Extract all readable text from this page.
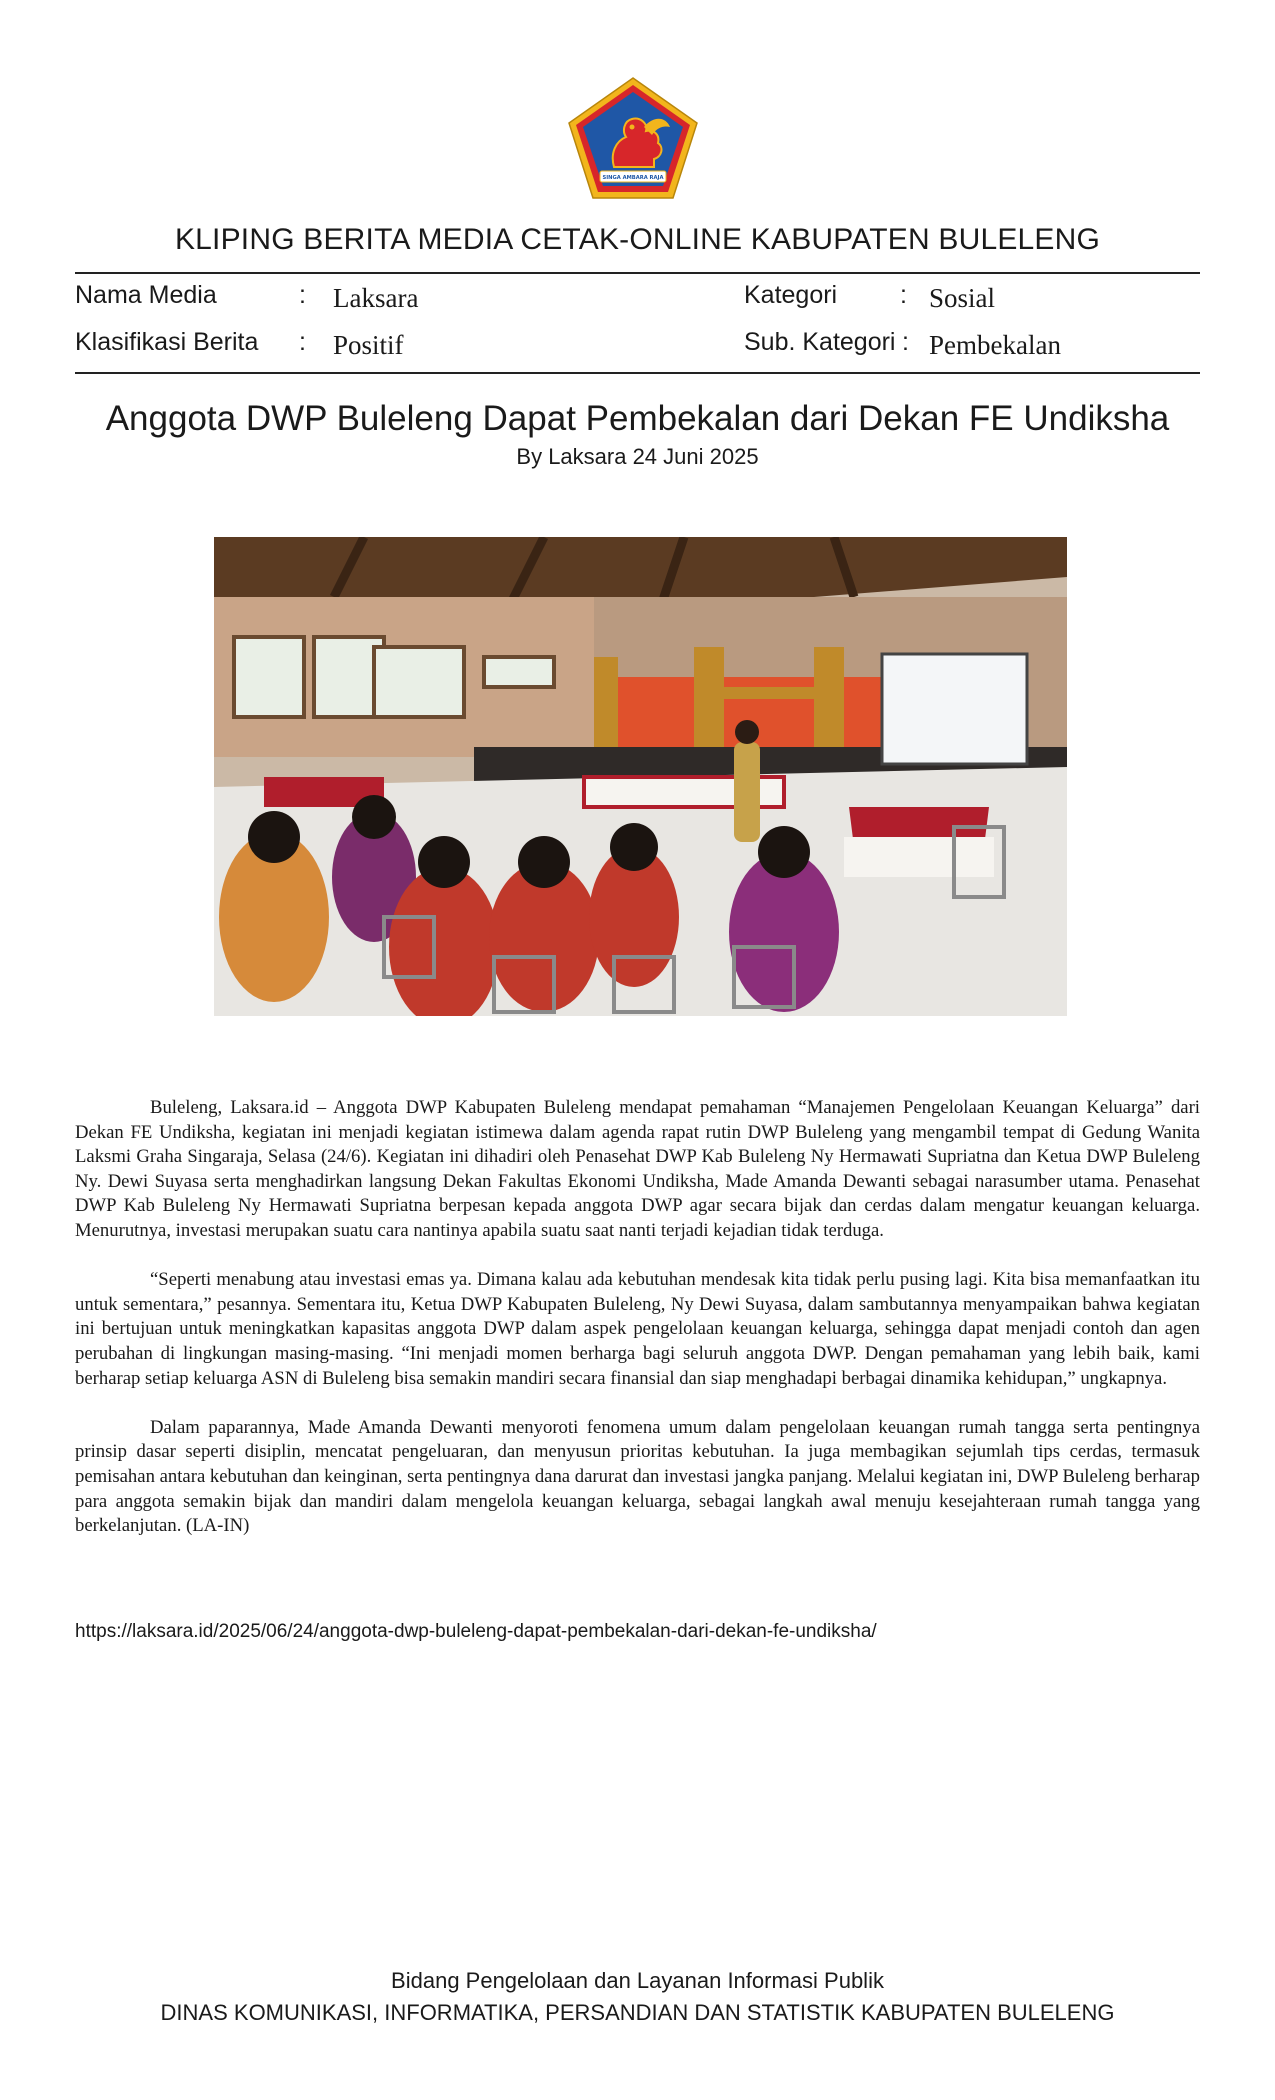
SINGA AMBARA RAJA
KLIPING BERITA MEDIA CETAK-ONLINE KABUPATEN BULELENG
Nama Media	: Laksara	Kategori	: Sosial
Klasifikasi Berita : Positif	Sub. Kategori : Pembekalan
Anggota DWP Buleleng Dapat Pembekalan dari Dekan FE Undiksha
By Laksara 24 Juni 2025

Buleleng, Laksara.id – Anggota DWP Kabupaten Buleleng mendapat pemahaman “Manajemen Pengelolaan Keuangan Keluarga” dari Dekan FE Undiksha, kegiatan ini menjadi kegiatan istimewa dalam agenda rapat rutin DWP Buleleng yang mengambil tempat di Gedung Wanita Laksmi Graha Singaraja, Selasa (24/6). Kegiatan ini dihadiri oleh Penasehat DWP Kab Buleleng Ny Hermawati Supriatna dan Ketua DWP Buleleng Ny. Dewi Suyasa serta menghadirkan langsung Dekan Fakultas Ekonomi Undiksha, Made Amanda Dewanti sebagai narasumber utama. Penasehat DWP Kab Buleleng Ny Hermawati Supriatna berpesan kepada anggota DWP agar secara bijak dan cerdas dalam mengatur keuangan keluarga. Menurutnya, investasi merupakan suatu cara nantinya apabila suatu saat nanti terjadi kejadian tidak terduga.

“Seperti menabung atau investasi emas ya. Dimana kalau ada kebutuhan mendesak kita tidak perlu pusing lagi. Kita bisa memanfaatkan itu untuk sementara,” pesannya. Sementara itu, Ketua DWP Kabupaten Buleleng, Ny Dewi Suyasa, dalam sambutannya menyampaikan bahwa kegiatan ini bertujuan untuk meningkatkan kapasitas anggota DWP dalam aspek pengelolaan keuangan keluarga, sehingga dapat menjadi contoh dan agen perubahan di lingkungan masing-masing. “Ini menjadi momen berharga bagi seluruh anggota DWP. Dengan pemahaman yang lebih baik, kami berharap setiap keluarga ASN di Buleleng bisa semakin mandiri secara finansial dan siap menghadapi berbagai dinamika kehidupan,” ungkapnya.

Dalam paparannya, Made Amanda Dewanti menyoroti fenomena umum dalam pengelolaan keuangan rumah tangga serta pentingnya prinsip dasar seperti disiplin, mencatat pengeluaran, dan menyusun prioritas kebutuhan. Ia juga membagikan sejumlah tips cerdas, termasuk pemisahan antara kebutuhan dan keinginan, serta pentingnya dana darurat dan investasi jangka panjang. Melalui kegiatan ini, DWP Buleleng berharap para anggota semakin bijak dan mandiri dalam mengelola keuangan keluarga, sebagai langkah awal menuju kesejahteraan rumah tangga yang berkelanjutan. (LA-IN)

https://laksara.id/2025/06/24/anggota-dwp-buleleng-dapat-pembekalan-dari-dekan-fe-undiksha/
Bidang Pengelolaan dan Layanan Informasi Publik
DINAS KOMUNIKASI, INFORMATIKA, PERSANDIAN DAN STATISTIK KABUPATEN BULELENG
